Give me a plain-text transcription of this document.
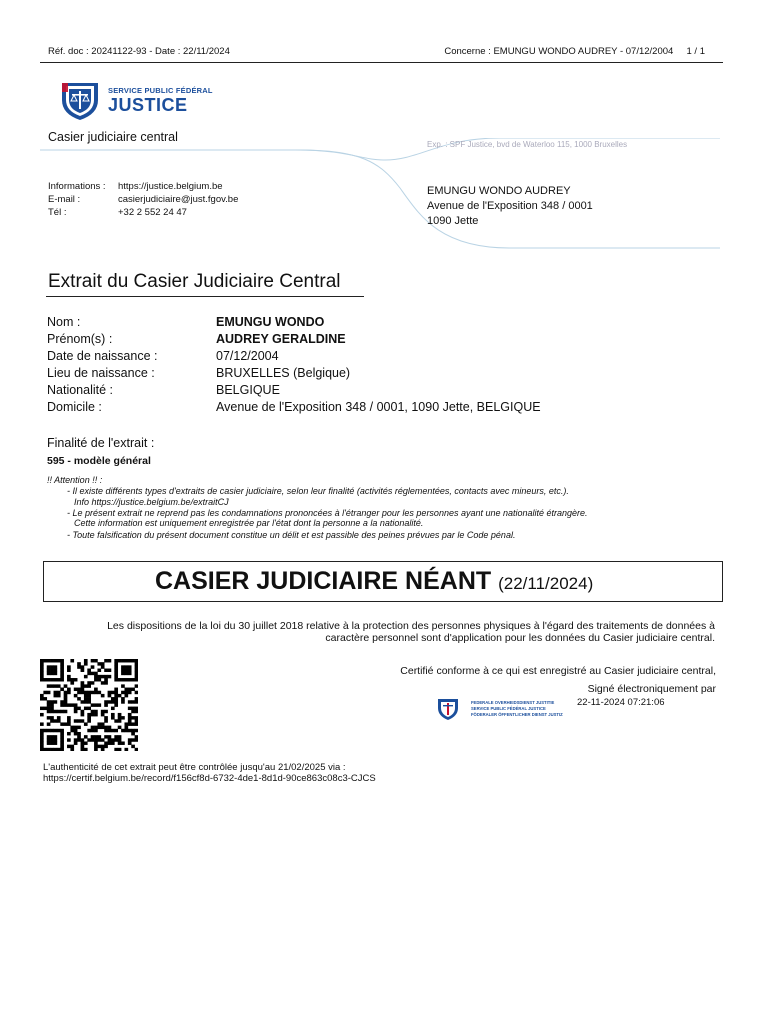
Réf. doc : 20241122-93 - Date : 22/11/2024	Concerne : EMUNGU WONDO AUDREY - 07/12/2004     1 / 1
SERVICE PUBLIC FÉDÉRAL
JUSTICE
Casier judiciaire central
Exp. : SPF Justice, bvd de Waterloo 115, 1000 Bruxelles
Informations : https://justice.belgium.be
E-mail :	casierjudiciaire@just.fgov.be
Tél :	+32 2 552 24 47
EMUNGU WONDO AUDREY
Avenue de l'Exposition 348 / 0001
1090 Jette
Extrait du Casier Judiciaire Central
Nom :	EMUNGU WONDO
Prénom(s) :	AUDREY GERALDINE
Date de naissance :	07/12/2004
Lieu de naissance :	BRUXELLES (Belgique)
Nationalité :	BELGIQUE
Domicile :	Avenue de l'Exposition 348 / 0001, 1090 Jette, BELGIQUE
Finalité de l'extrait :
595 - modèle général
!! Attention !! :
- Il existe différents types d'extraits de casier judiciaire, selon leur finalité (activités réglementées, contacts avec mineurs, etc.).
Info https://justice.belgium.be/extraitCJ
- Le présent extrait ne reprend pas les condamnations prononcées à l'étranger pour les personnes ayant une nationalité étrangère.
Cette information est uniquement enregistrée par l'état dont la personne a la nationalité.
- Toute falsification du présent document constitue un délit et est passible des peines prévues par le Code pénal.
CASIER JUDICIAIRE NÉANT (22/11/2024)
Les dispositions de la loi du 30 juillet 2018 relative à la protection des personnes physiques à l'égard des traitements de données à caractère personnel sont d'application pour les données du Casier judiciaire central.
Certifié conforme à ce qui est enregistré au Casier judiciaire central,
Signé électroniquement par
FEDERALE OVERHEIDSDIENST JUSTITIE
SERVICE PUBLIC FÉDÉRAL JUSTICE
FÖDERALER ÖFFENTLICHER DIENST JUSTIZ
22-11-2024 07:21:06
L'authenticité de cet extrait peut être contrôlée jusqu'au 21/02/2025 via :
https://certif.belgium.be/record/f156cf8d-6732-4de1-8d1d-90ce863c08c3-CJCS
